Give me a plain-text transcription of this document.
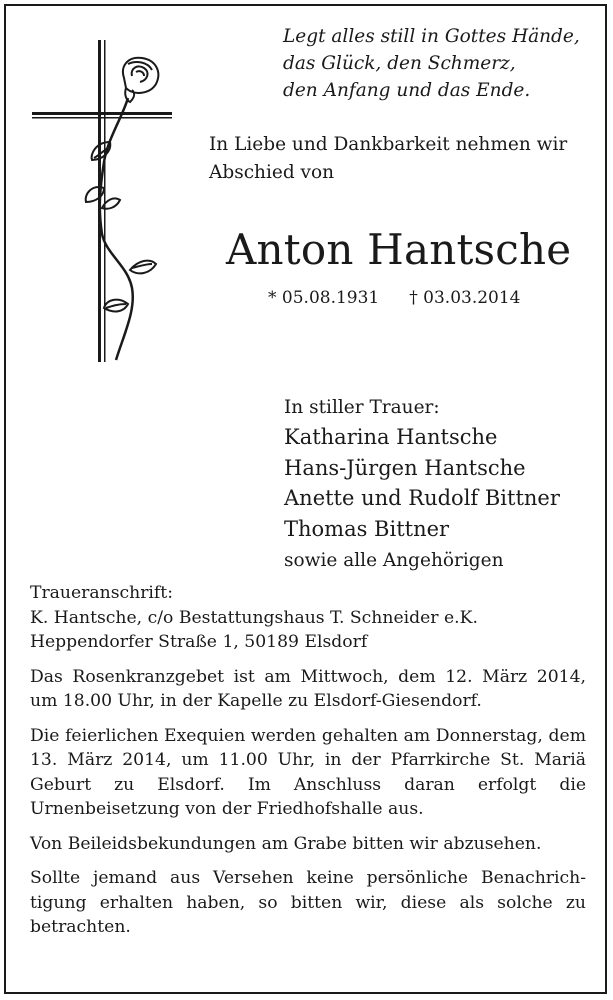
Legt alles still in Gottes Hände,
das Glück, den Schmerz,
den Anfang und das Ende.
In Liebe und Dankbarkeit nehmen wir
Abschied von
Anton Hantsche
* 05.08.1931 † 03.03.2014
In stiller Trauer:
Katharina Hantsche
Hans-Jürgen Hantsche
Anette und Rudolf Bittner
Thomas Bittner
sowie alle Angehörigen
Traueranschrift:
K. Hantsche, c/o Bestattungshaus T. Schneider e.K.
Heppendorfer Straße 1, 50189 Elsdorf

Das Rosenkranzgebet ist am Mittwoch, dem 12. März 2014, um 18.00 Uhr, in der Kapelle zu Elsdorf-Giesendorf.

Die feierlichen Exequien werden gehalten am Donnerstag, dem 13. März 2014, um 11.00 Uhr, in der Pfarrkirche St. Mariä Geburt zu Elsdorf. Im Anschluss daran erfolgt die Urnenbeisetzung von der Friedhofshalle aus.

Von Beileidsbekundungen am Grabe bitten wir abzusehen.

Sollte jemand aus Versehen keine persönliche Benachrichtigung erhalten haben, so bitten wir, diese als solche zu betrachten.
